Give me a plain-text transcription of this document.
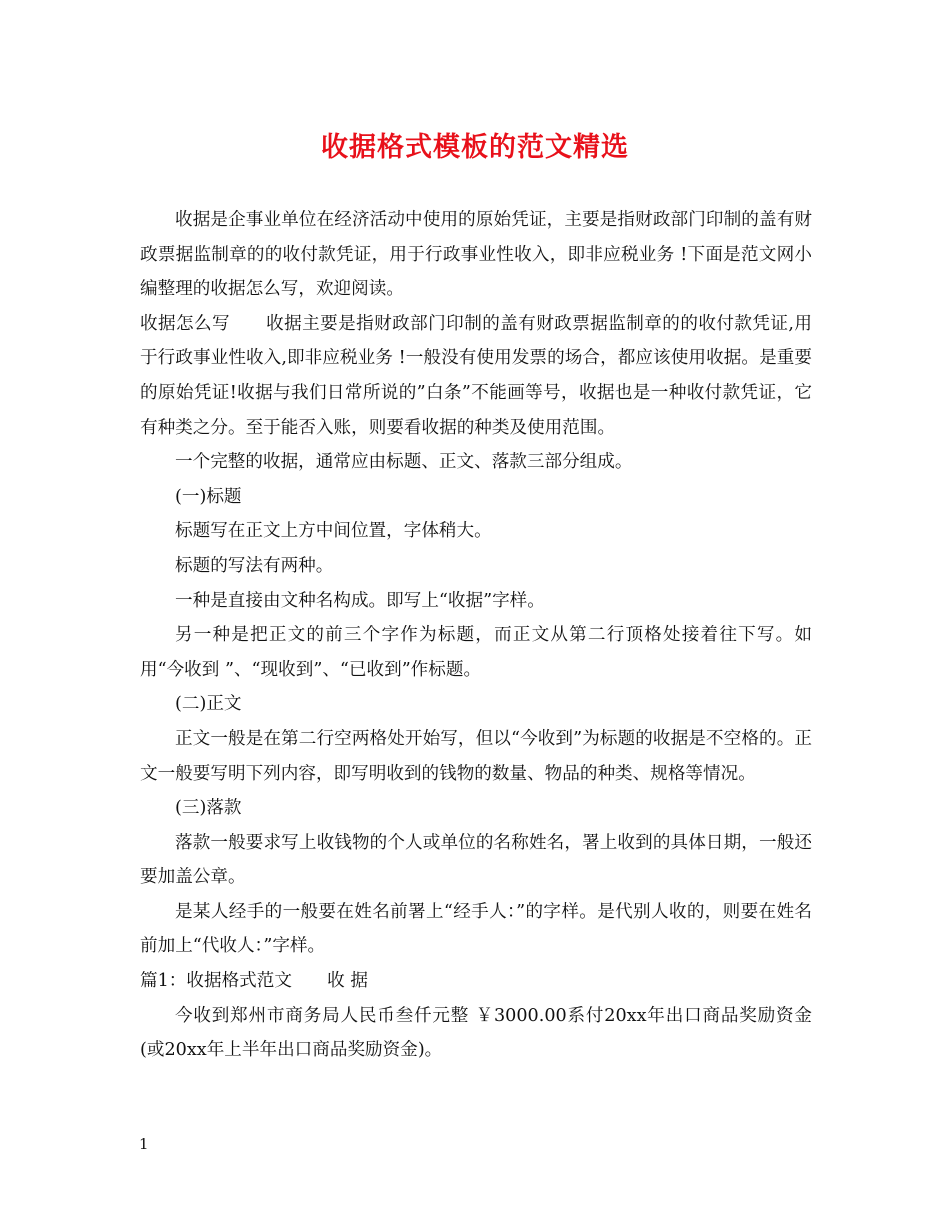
收据格式模板的范文精选

收据是企事业单位在经济活动中使用的原始凭证，主要是指财政部门印制的盖有财政票据监制章的的收付款凭证，用于行政事业性收入，即非应税业务 !下面是范文网小编整理的收据怎么写，欢迎阅读。

收据怎么写　　收据主要是指财政部门印制的盖有财政票据监制章的的收付款凭证,用于行政事业性收入,即非应税业务 !一般没有使用发票的场合，都应该使用收据。是重要的原始凭证!收据与我们日常所说的”白条”不能画等号，收据也是一种收付款凭证，它有种类之分。至于能否入账，则要看收据的种类及使用范围。

一个完整的收据，通常应由标题、正文、落款三部分组成。

(一)标题

标题写在正文上方中间位置，字体稍大。

标题的写法有两种。

一种是直接由文种名构成。即写上“收据”字样。

另一种是把正文的前三个字作为标题，而正文从第二行顶格处接着往下写。如用“今收到 ”、“现收到”、“已收到”作标题。

(二)正文

正文一般是在第二行空两格处开始写，但以“今收到”为标题的收据是不空格的。正文一般要写明下列内容，即写明收到的钱物的数量、物品的种类、规格等情况。

(三)落款

落款一般要求写上收钱物的个人或单位的名称姓名，署上收到的具体日期，一般还要加盖公章。

是某人经手的一般要在姓名前署上“经手人：”的字样。是代别人收的，则要在姓名前加上“代收人：”字样。

篇1：收据格式范文　　收 据

今收到郑州市商务局人民币叁仟元整 ￥3000.00系付20xx年出口商品奖励资金(或20xx年上半年出口商品奖励资金)。

1
